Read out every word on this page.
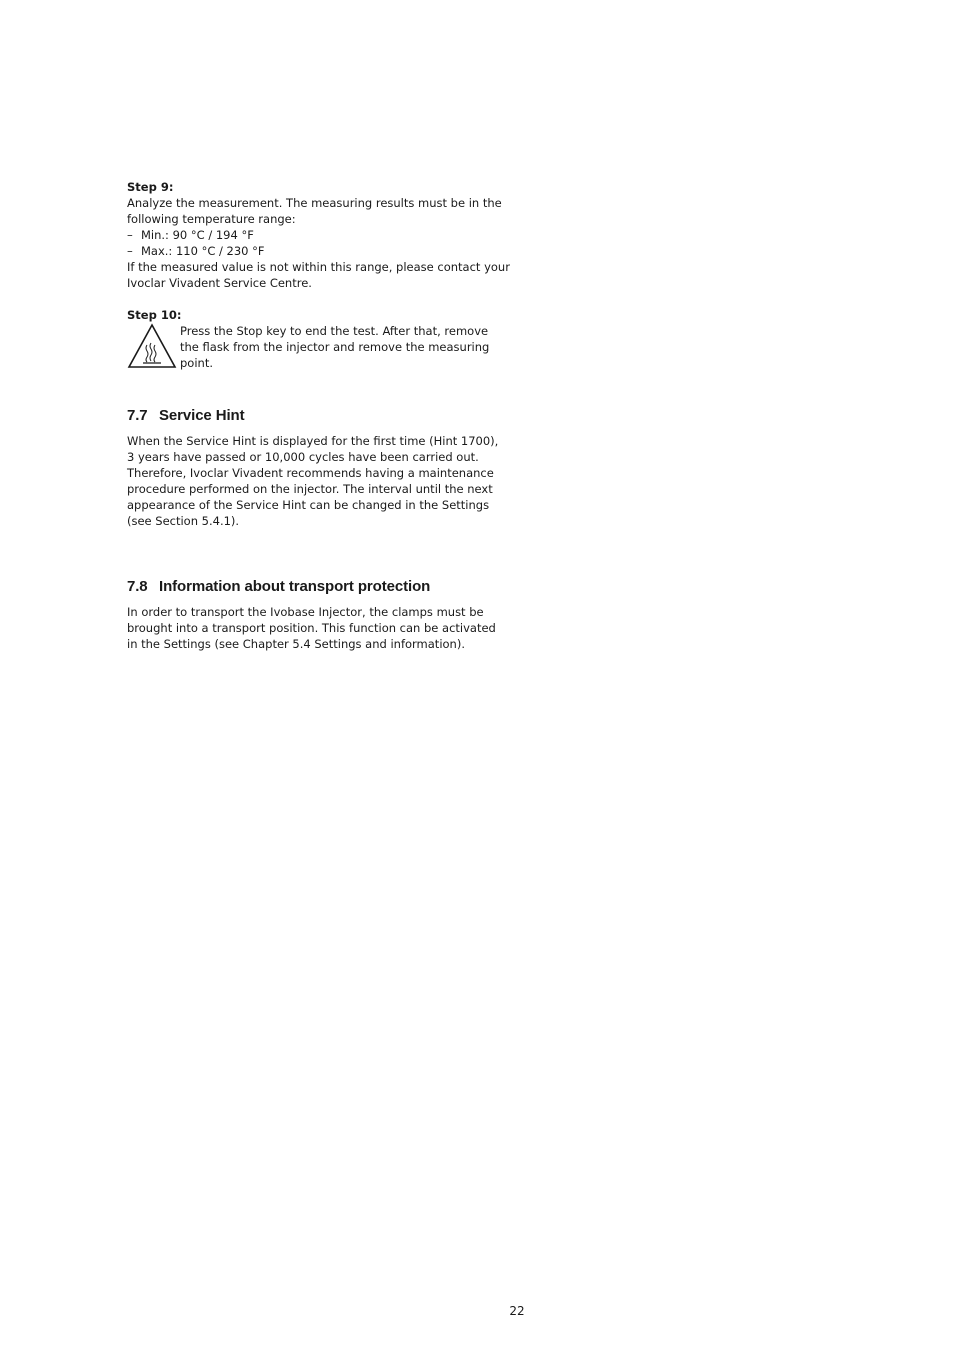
Step 9:

Analyze the measurement. The measuring results must be in the following temperature range:

– Min.: 90 °C / 194 °F
– Max.: 110 °C / 230 °F

If the measured value is not within this range, please contact your Ivoclar Vivadent Service Centre.

Step 10:

Press the Stop key to end the test. After that, remove the flask from the injector and remove the measuring point.

7.7 Service Hint

When the Service Hint is displayed for the first time (Hint 1700), 3 years have passed or 10,000 cycles have been carried out. Therefore, Ivoclar Vivadent recommends having a maintenance procedure performed on the injector. The interval until the next appearance of the Service Hint can be changed in the Settings (see Section 5.4.1).

7.8 Information about transport protection

In order to transport the Ivobase Injector, the clamps must be brought into a transport position. This function can be activated in the Settings (see Chapter 5.4 Settings and information).

22
